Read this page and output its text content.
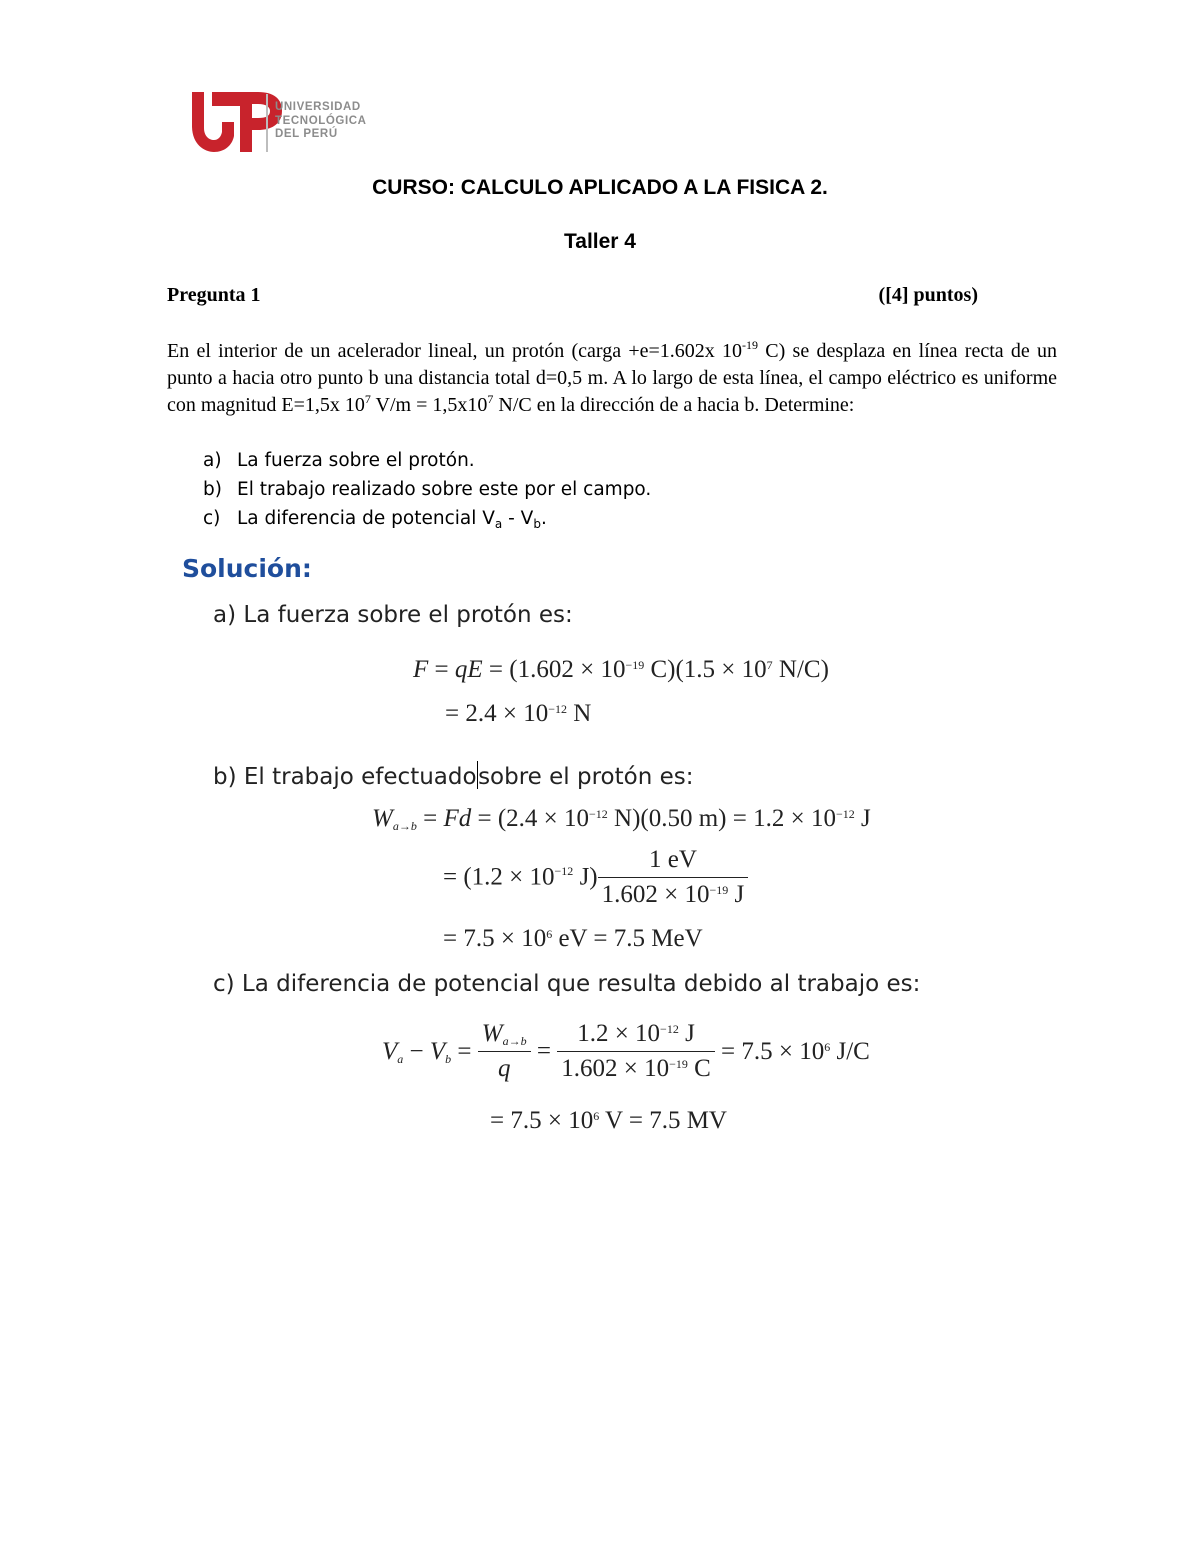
UNIVERSIDAD
TECNOLÓGICA
DEL PERÚ
CURSO: CALCULO APLICADO A LA FISICA 2.
Taller 4
Pregunta 1	([4] puntos)

En el interior de un acelerador lineal, un protón (carga +e=1.602x $10^{-19}$ C) se desplaza en línea recta de un punto a hacia otro punto b una distancia total d=0,5 m. A lo largo de esta línea, el campo eléctrico es uniforme con magnitud E=1,5x $10^7$ $V/m = 1,5x10^7$ N/C en la dirección de a hacia b. Determine:

a) La fuerza sobre el protón.
b) El trabajo realizado sobre este por el campo.
c) La diferencia de potencial $V_a - V_b$.
Solución:
a) La fuerza sobre el protón es:
F = qE = ($1.602 \times 10^{-19}$ $C)(1.5 \times 10^7$ N/C)
= $2.4 \times 10^{-12}$ N
b) El trabajo efectuadosobre el protón es:
$W_{a\to b} = Fd = (2.4 \times 10^{-12}$ N)(0.50 $m) = 1.2 \times 10^{-12}$ J
= ($1.2 \times 10^{-12}$ $J) \frac{1 eV}{1.602 \times 10^{-19} J}$
= $7.5 \times 10^6$ eV = 7.5 MeV
c) La diferencia de potencial que resulta debido al trabajo es:
$V_a - V_b = \frac{W_{a\to b}}{q} = \frac{1.2 \times 10^{-12} J}{1.602 \times 10^{-19} C} = 7.5 \times 10^6$ J/C
= $7.5 \times 10^6$ V = 7.5 MV
